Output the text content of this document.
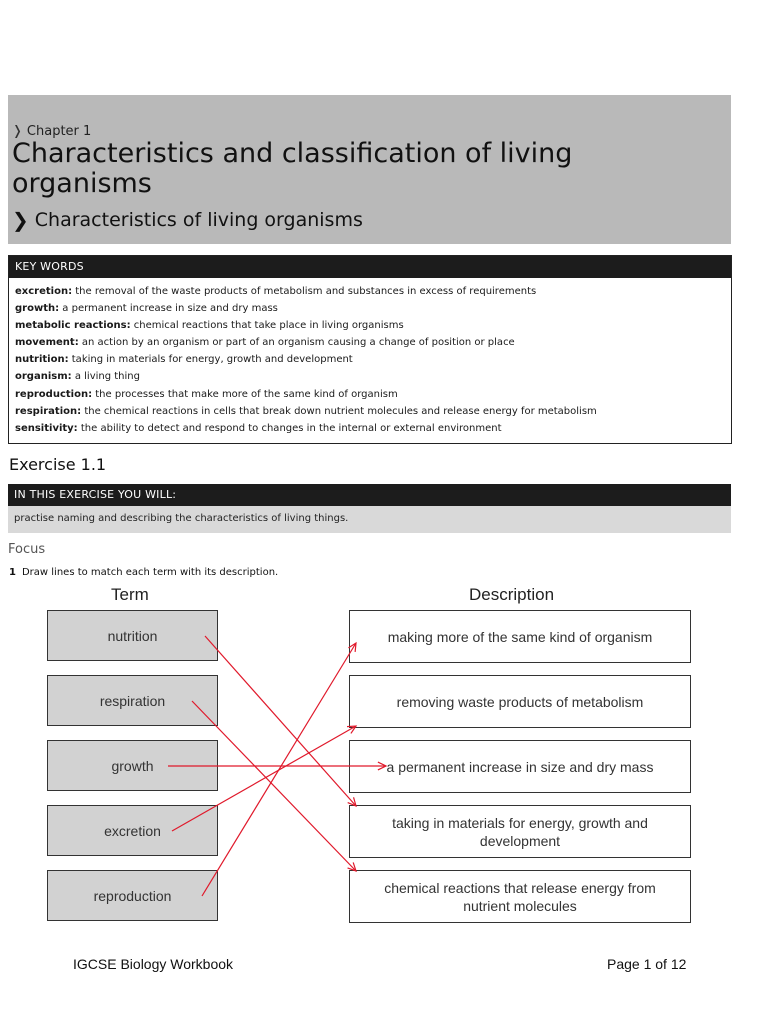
❭ Chapter 1
Characteristics and classification of living organisms
❯ Characteristics of living organisms
KEY WORDS
excretion: the removal of the waste products of metabolism and substances in excess of requirements
growth: a permanent increase in size and dry mass
metabolic reactions: chemical reactions that take place in living organisms
movement: an action by an organism or part of an organism causing a change of position or place
nutrition: taking in materials for energy, growth and development
organism: a living thing
reproduction: the processes that make more of the same kind of organism
respiration: the chemical reactions in cells that break down nutrient molecules and release energy for metabolism
sensitivity: the ability to detect and respond to changes in the internal or external environment
Exercise 1.1
IN THIS EXERCISE YOU WILL:
practise naming and describing the characteristics of living things.
Focus
1 Draw lines to match each term with its description.
Term	Description
nutrition
respiration
growth
excretion
reproduction
making more of the same kind of organism
removing waste products of metabolism
a permanent increase in size and dry mass
taking in materials for energy, growth and development
chemical reactions that release energy from nutrient molecules
IGCSE Biology Workbook	Page 1 of 12
